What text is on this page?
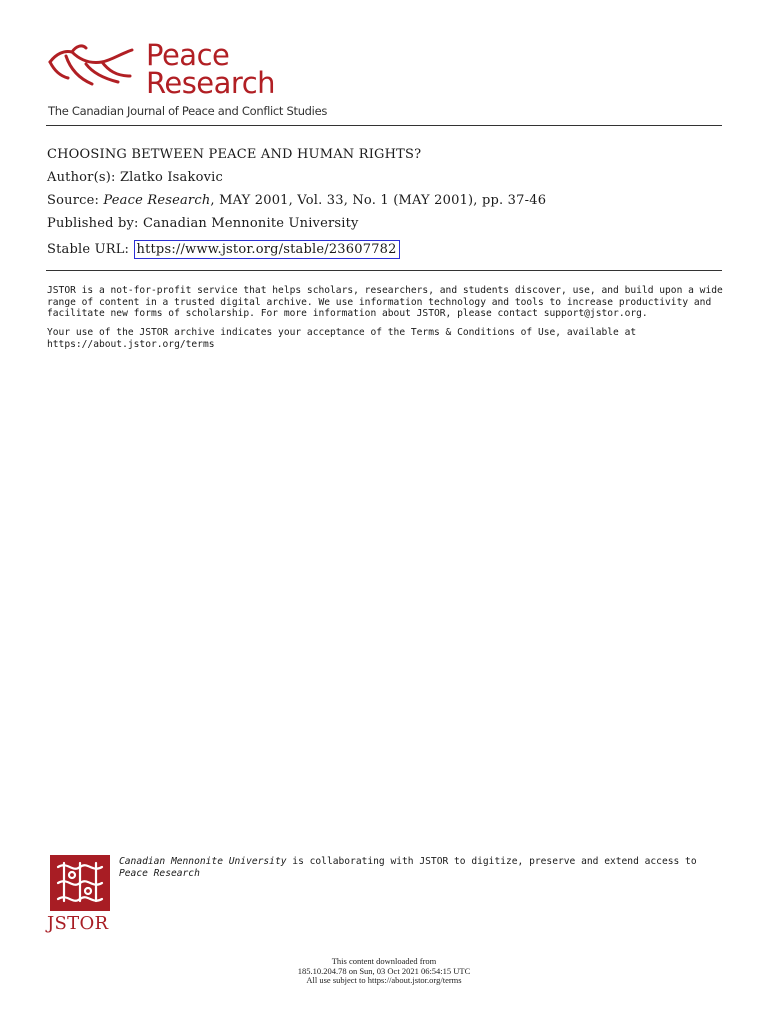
Peace
Research
The Canadian Journal of Peace and Conflict Studies
CHOOSING BETWEEN PEACE AND HUMAN RIGHTS?
Author(s): Zlatko Isakovic
Source: Peace Research, MAY 2001, Vol. 33, No. 1 (MAY 2001), pp. 37-46
Published by: Canadian Mennonite University
Stable URL: https://www.jstor.org/stable/23607782
JSTOR is a not-for-profit service that helps scholars, researchers, and students discover, use, and build upon a wide range of content in a trusted digital archive. We use information technology and tools to increase productivity and facilitate new forms of scholarship. For more information about JSTOR, please contact support@jstor.org.
Your use of the JSTOR archive indicates your acceptance of the Terms & Conditions of Use, available at https://about.jstor.org/terms
JSTOR
Canadian Mennonite University is collaborating with JSTOR to digitize, preserve and extend access to Peace Research
This content downloaded from
185.10.204.78 on Sun, 03 Oct 2021 06:54:15 UTC
All use subject to https://about.jstor.org/terms
